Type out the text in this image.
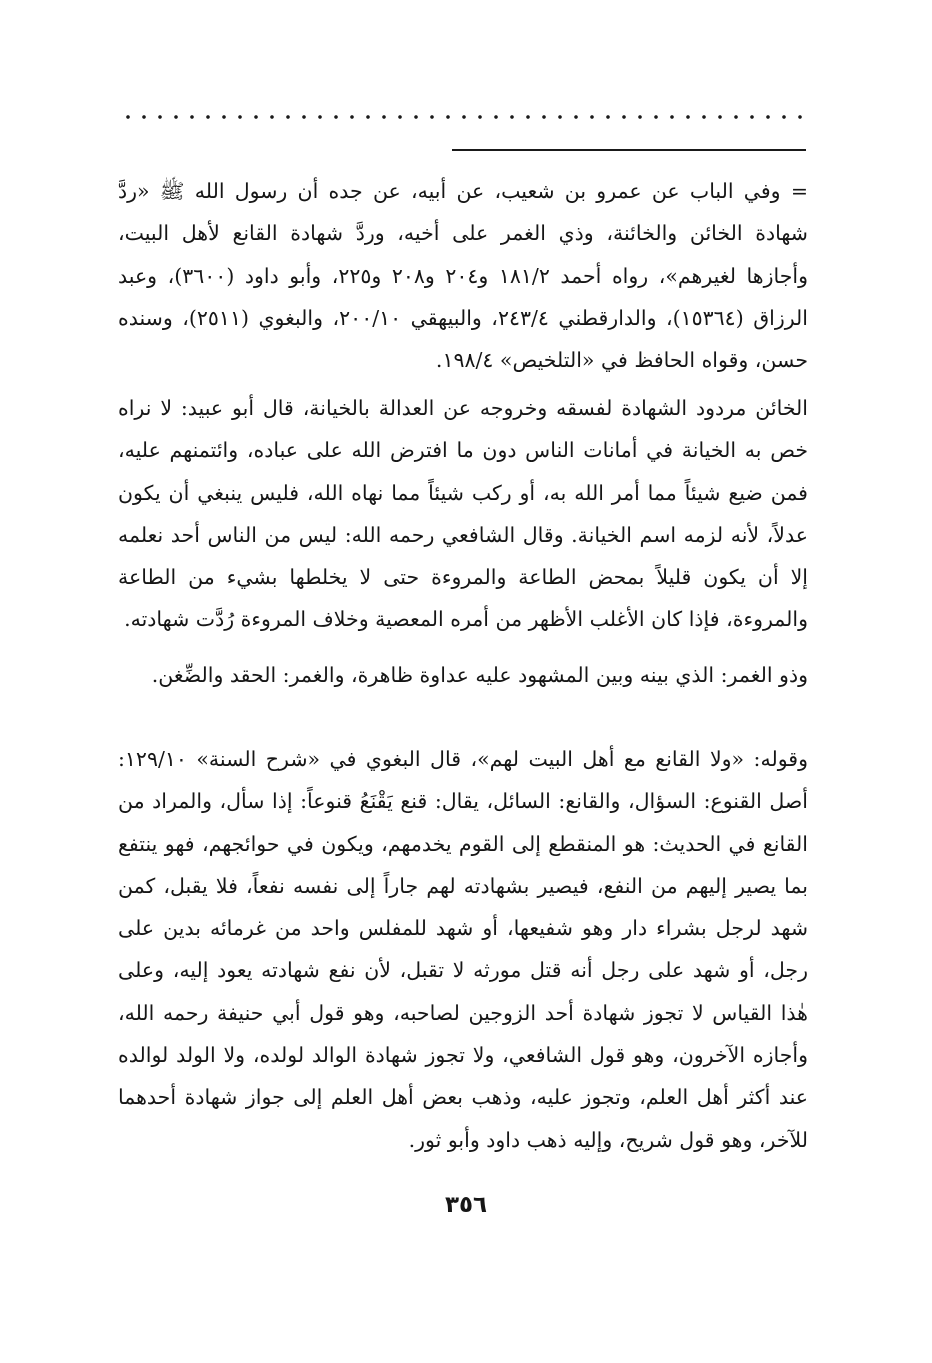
= وفي الباب عن عمرو بن شعيب، عن أبيه، عن جده أن رسول الله ﷺ «ردَّ شهادة الخائن والخائنة، وذي الغمر على أخيه، وردَّ شهادة القانع لأهل البيت، وأجازها لغيرهم»، رواه أحمد ١٨١/٢ و٢٠٤ و٢٠٨ و٢٢٥، وأبو داود (٣٦٠٠)، وعبد الرزاق (١٥٣٦٤)، والدارقطني ٢٤٣/٤، والبيهقي ٢٠٠/١٠، والبغوي (٢٥١١)، وسنده حسن، وقواه الحافظ في «التلخيص» ١٩٨/٤.

الخائن مردود الشهادة لفسقه وخروجه عن العدالة بالخيانة، قال أبو عبيد: لا نراه خص به الخيانة في أمانات الناس دون ما افترض الله على عباده، وائتمنهم عليه، فمن ضيع شيئاً مما أمر الله به، أو ركب شيئاً مما نهاه الله، فليس ينبغي أن يكون عدلاً، لأنه لزمه اسم الخيانة. وقال الشافعي رحمه الله: ليس من الناس أحد نعلمه إلا أن يكون قليلاً بمحض الطاعة والمروءة حتى لا يخلطها بشيء من الطاعة والمروءة، فإذا كان الأغلب الأظهر من أمره المعصية وخلاف المروءة رُدَّت شهادته.

وذو الغمر: الذي بينه وبين المشهود عليه عداوة ظاهرة، والغمر: الحقد والضِّغن.

وقوله: «ولا القانع مع أهل البيت لهم»، قال البغوي في «شرح السنة» ١٢٩/١٠: أصل القنوع: السؤال، والقانع: السائل، يقال: قنع يَقْنَعُ قنوعاً: إذا سأل، والمراد من القانع في الحديث: هو المنقطع إلى القوم يخدمهم، ويكون في حوائجهم، فهو ينتفع بما يصير إليهم من النفع، فيصير بشهادته لهم جاراً إلى نفسه نفعاً، فلا يقبل، كمن شهد لرجل بشراء دار وهو شفيعها، أو شهد للمفلس واحد من غرمائه بدين على رجل، أو شهد على رجل أنه قتل مورثه لا تقبل، لأن نفع شهادته يعود إليه، وعلى هٰذا القياس لا تجوز شهادة أحد الزوجين لصاحبه، وهو قول أبي حنيفة رحمه الله، وأجازه الآخرون، وهو قول الشافعي، ولا تجوز شهادة الوالد لولده، ولا الولد لوالده عند أكثر أهل العلم، وتجوز عليه، وذهب بعض أهل العلم إلى جواز شهادة أحدهما للآخر، وهو قول شريح، وإليه ذهب داود وأبو ثور.

٣٥٦
